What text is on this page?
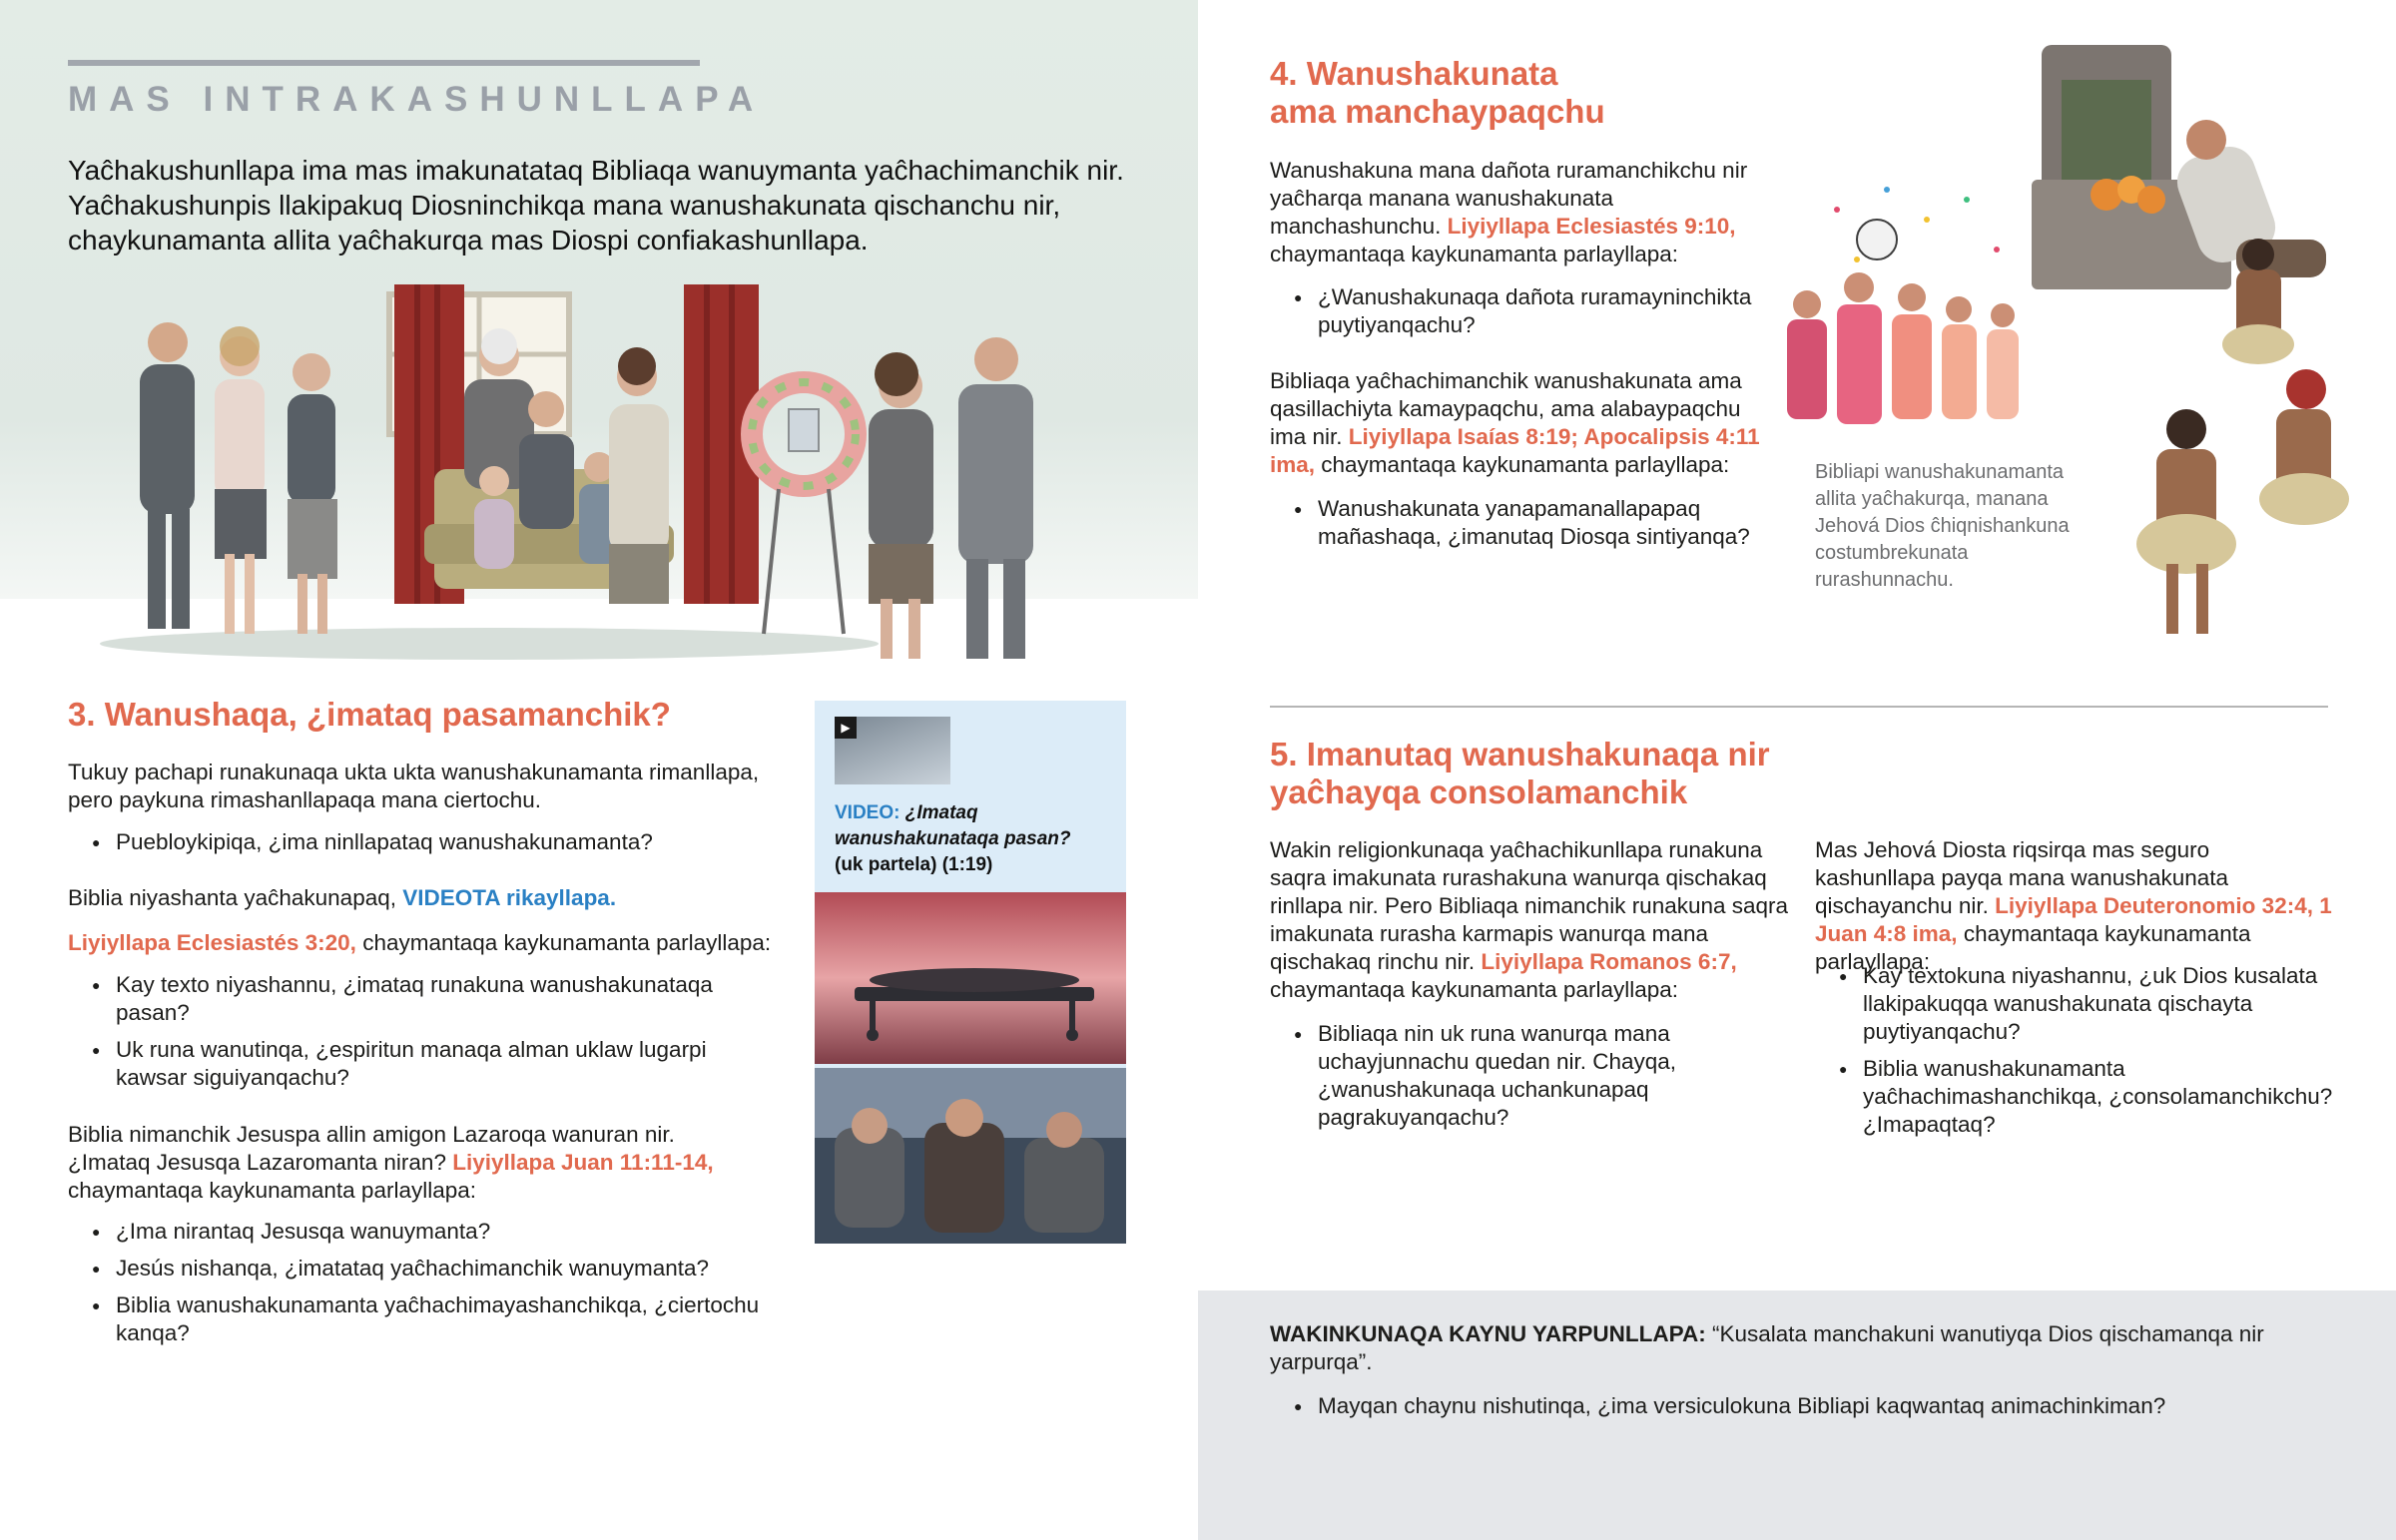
MAS INTRAKASHUNLLAPA
Yaĉhakushunllapa ima mas imakunatataq Bibliaqa wanuymanta yaĉhachimanchik nir. Yaĉhakushunpis llakipakuq Diosninchikqa mana wanushakunata qischanchu nir, chaykunamanta allita yaĉhakurqa mas Diospi confiakashunllapa.
3. Wanushaqa, ¿imataq pasamanchik?

Tukuy pachapi runakunaqa ukta ukta wanushakunamanta rimanllapa, pero paykuna rimashanllapaqa mana ciertochu.

● Puebloykipiqa, ¿ima ninllapataq wanushakunamanta?

Biblia niyashanta yaĉhakunapaq, VIDEOTA rikayllapa.

Liyiyllapa Eclesiastés 3:20, chaymantaqa kaykunamanta parlayllapa:

● Kay texto niyashannu, ¿imataq runakuna wanushakunataqa pasan?
● Uk runa wanutinqa, ¿espiritun manaqa alman uklaw lugarpi kawsar siguiyanqachu?

Biblia nimanchik Jesuspa allin amigon Lazaroqa wanuran nir. ¿Imataq Jesusqa Lazaromanta niran? Liyiyllapa Juan 11:11-14,
chaymantaqa kaykunamanta parlayllapa:

● ¿Ima nirantaq Jesusqa wanuymanta?
● Jesús nishanqa, ¿imatataq yaĉhachimanchik wanuymanta?
● Biblia wanushakunamanta yaĉhachimayashanchikqa, ¿ciertochu kanqa?
▶
VIDEO: ¿Imataq wanushakunataqa pasan?
(uk partela) (1:19)
4. Wanushakunata
ama manchaypaqchu

Wanushakuna mana dañota ruramanchikchu nir yaĉharqa manana wanushakunata manchashunchu. Liyiyllapa Eclesiastés 9:10, chaymantaqa kaykunamanta parlayllapa:

● ¿Wanushakunaqa dañota ruramayninchikta puytiyanqachu?

Bibliaqa yaĉhachimanchik wanushakunata ama qasillachiyta kamaypaqchu, ama alabaypaqchu ima nir. Liyiyllapa Isaías 8:19; Apocalipsis 4:11 ima, chaymantaqa kaykunamanta parlayllapa:

● Wanushakunata yanapamanallapapaq mañashaqa, ¿imanutaq Diosqa sintiyanqa?
Bibliapi wanushakunamanta allita yaĉhakurqa, manana Jehová Dios ĉhiqnishankuna costumbrekunata rurashunnachu.
5. Imanutaq wanushakunaqa nir
yaĉhayqa consolamanchik

Wakin religionkunaqa yaĉhachikunllapa runakuna saqra imakunata rurashakuna wanurqa qischakaq rinllapa nir. Pero Bibliaqa nimanchik runakuna saqra imakunata rurasha karmapis wanurqa mana qischakaq rinchu nir. Liyiyllapa Romanos 6:7, chaymantaqa kaykunamanta parlayllapa:

● Bibliaqa nin uk runa wanurqa mana uchayjunnachu quedan nir. Chayqa, ¿wanushakunaqa uchankunapaq pagrakuyanqachu?

Mas Jehová Diosta riqsirqa mas seguro kashunllapa payqa mana wanushakunata qischayanchu nir. Liyiyllapa Deuteronomio 32:4, 1 Juan 4:8 ima, chaymantaqa kaykunamanta parlayllapa:

● Kay textokuna niyashannu, ¿uk Dios kusalata llakipakuqqa wanushakunata qischayta puytiyanqachu?
● Biblia wanushakunamanta yaĉhachimashanchikqa, ¿consolamanchikchu? ¿Imapaqtaq?

WAKINKUNAQA KAYNU YARPUNLLAPA: “Kusalata manchakuni wanutiyqa Dios qischamanqa nir yarpurqa”.

● Mayqan chaynu nishutinqa, ¿ima versiculokuna Bibliapi kaqwantaq animachinkiman?
